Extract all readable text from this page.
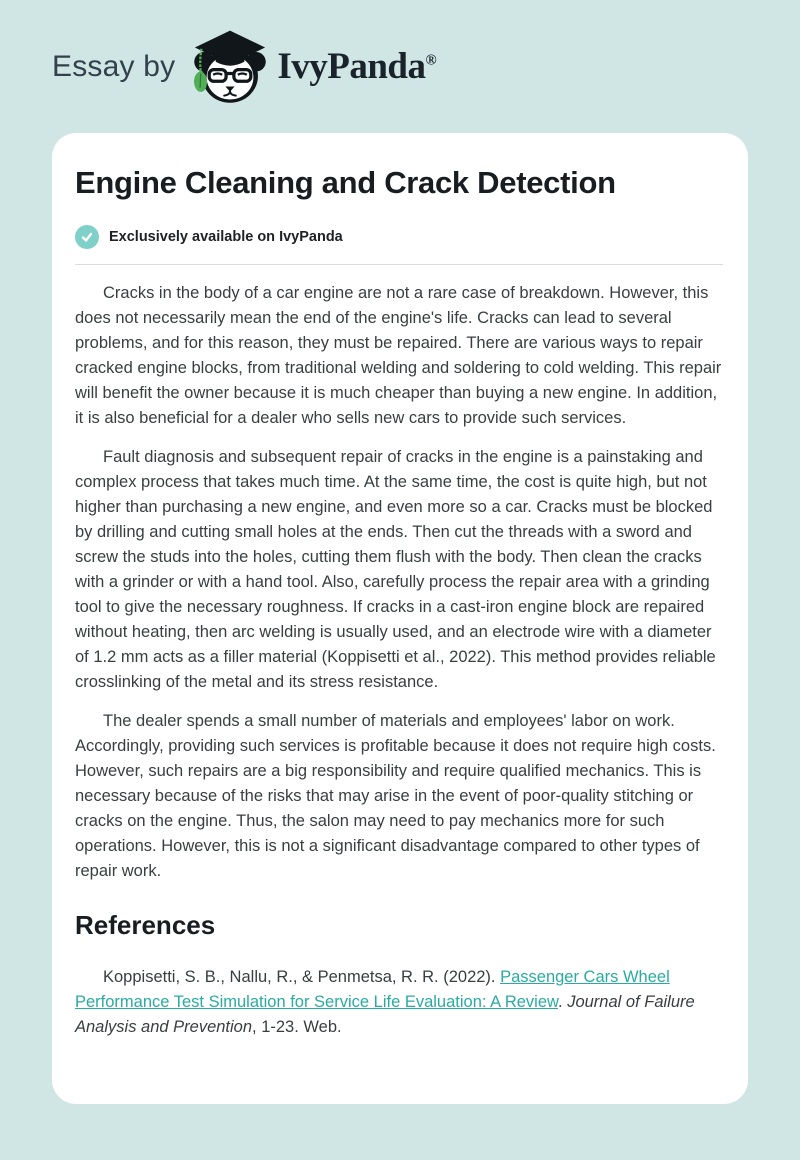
Essay by	IvyPanda®
Engine Cleaning and Crack Detection
Exclusively available on IvyPanda

Cracks in the body of a car engine are not a rare case of breakdown. However, this does not necessarily mean the end of the engine's life. Cracks can lead to several problems, and for this reason, they must be repaired. There are various ways to repair cracked engine blocks, from traditional welding and soldering to cold welding. This repair will benefit the owner because it is much cheaper than buying a new engine. In addition, it is also beneficial for a dealer who sells new cars to provide such services.

Fault diagnosis and subsequent repair of cracks in the engine is a painstaking and complex process that takes much time. At the same time, the cost is quite high, but not higher than purchasing a new engine, and even more so a car. Cracks must be blocked by drilling and cutting small holes at the ends. Then cut the threads with a sword and screw the studs into the holes, cutting them flush with the body. Then clean the cracks with a grinder or with a hand tool. Also, carefully process the repair area with a grinding tool to give the necessary roughness. If cracks in a cast-iron engine block are repaired without heating, then arc welding is usually used, and an electrode wire with a diameter of 1.2 mm acts as a filler material (Koppisetti et al., 2022). This method provides reliable crosslinking of the metal and its stress resistance.

The dealer spends a small number of materials and employees' labor on work. Accordingly, providing such services is profitable because it does not require high costs. However, such repairs are a big responsibility and require qualified mechanics. This is necessary because of the risks that may arise in the event of poor-quality stitching or cracks on the engine. Thus, the salon may need to pay mechanics more for such operations. However, this is not a significant disadvantage compared to other types of repair work.

References

Koppisetti, S. B., Nallu, R., & Penmetsa, R. R. (2022). Passenger Cars Wheel Performance Test Simulation for Service Life Evaluation: A Review. Journal of Failure Analysis and Prevention, 1-23. Web.
